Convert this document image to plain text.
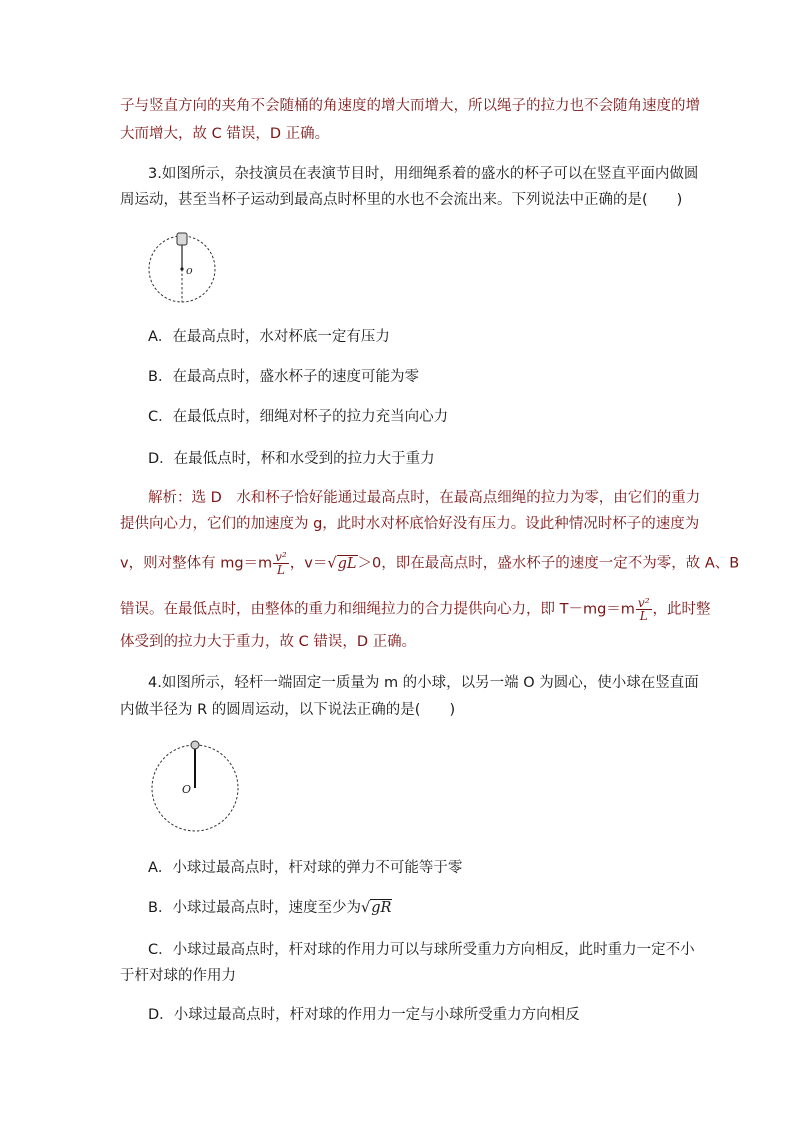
子与竖直方向的夹角不会随桶的角速度的增大而增大，所以绳子的拉力也不会随角速度的增
大而增大，故 C 错误，D 正确。
3.如图所示，杂技演员在表演节目时，用细绳系着的盛水的杯子可以在竖直平面内做圆
周运动，甚至当杯子运动到最高点时杯里的水也不会流出来。下列说法中正确的是(　　)
o
A．在最高点时，水对杯底一定有压力
B．在最高点时，盛水杯子的速度可能为零
C．在最低点时，细绳对杯子的拉力充当向心力
D．在最低点时，杯和水受到的拉力大于重力
解析：选 D　水和杯子恰好能通过最高点时，在最高点细绳的拉力为零，由它们的重力
提供向心力，它们的加速度为 g，此时水对杯底恰好没有压力。设此种情况时杯子的速度为
v，则对整体有 $mg=m \frac{\text{v²}}{L}$ ，v＝√gL＞0，即在最高点时，盛水杯子的速度一定不为零，故 A、B
错误。在最低点时，由整体的重力和细绳拉力的合力提供向心力，即 $T-mg=m \frac{\text{v²}}{L}$ ，此时整
体受到的拉力大于重力，故 C 错误，D 正确。
4.如图所示，轻杆一端固定一质量为 m 的小球，以另一端 O 为圆心，使小球在竖直面
内做半径为 R 的圆周运动，以下说法正确的是(　　)
O
A．小球过最高点时，杆对球的弹力不可能等于零
B．小球过最高点时，速度至少为√gR
C．小球过最高点时，杆对球的作用力可以与球所受重力方向相反，此时重力一定不小
于杆对球的作用力
D．小球过最高点时，杆对球的作用力一定与小球所受重力方向相反
